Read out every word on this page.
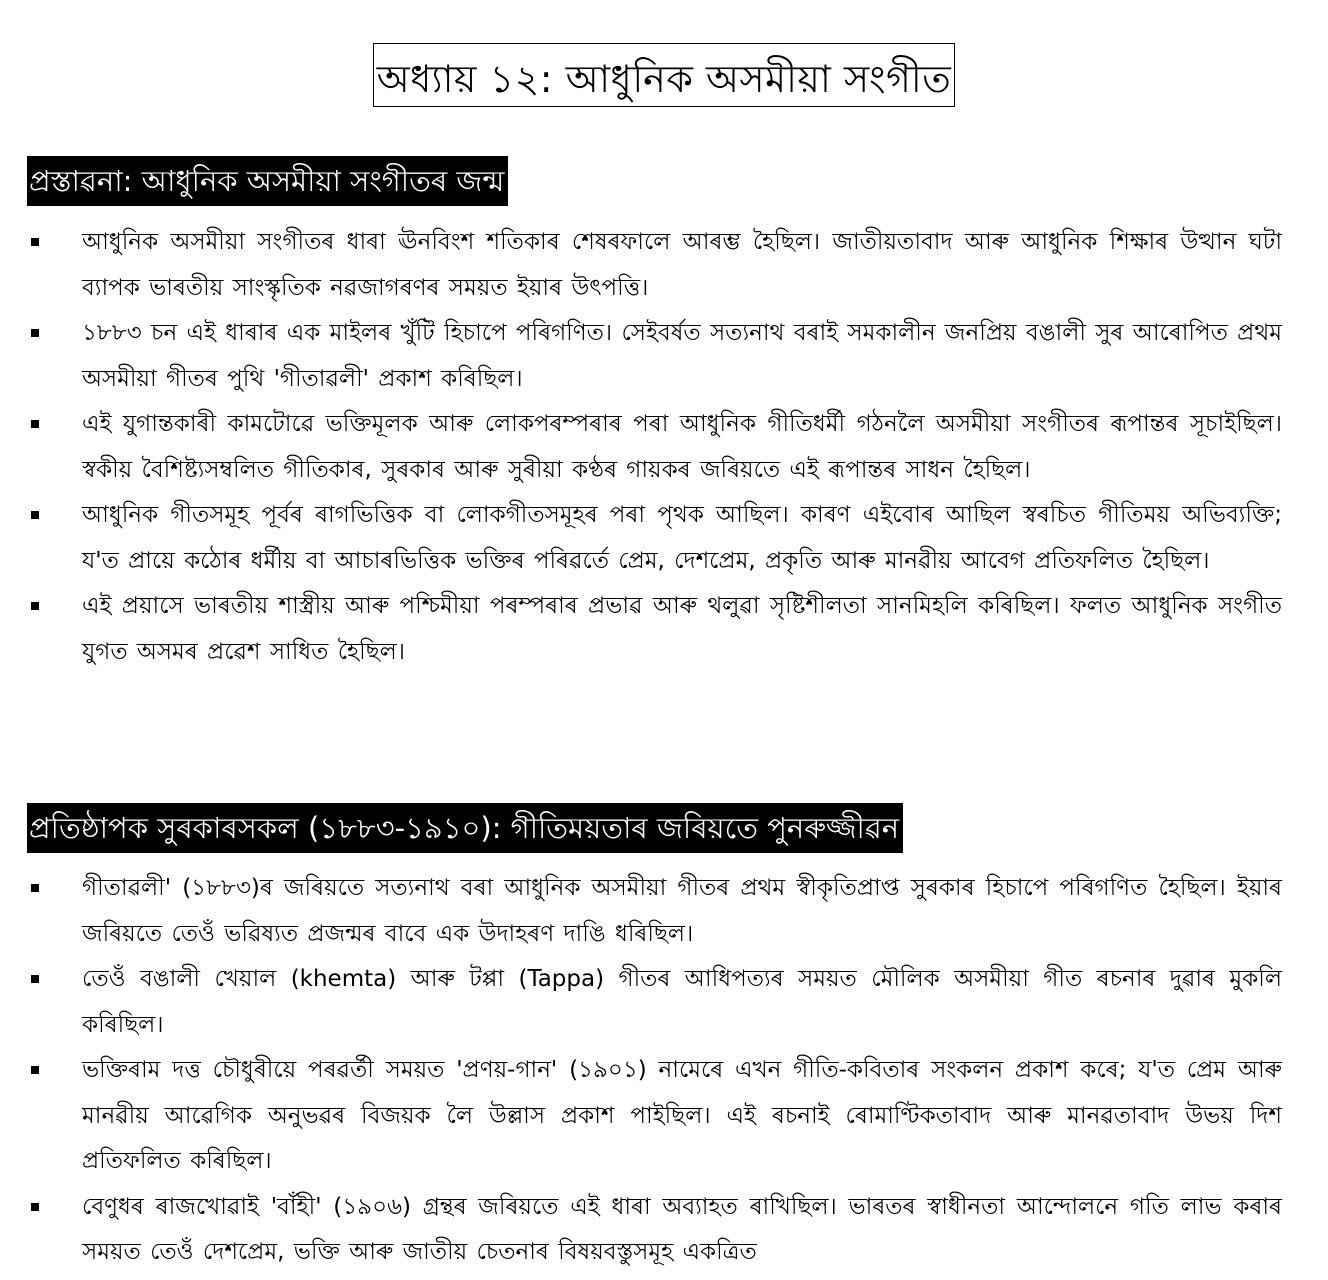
অধ্যায় ১২: আধুনিক অসমীয়া সংগীত
প্ৰস্তাৱনা: আধুনিক অসমীয়া সংগীতৰ জন্ম
আধুনিক অসমীয়া সংগীতৰ ধাৰা ঊনবিংশ শতিকাৰ শেষৰফালে আৰম্ভ হৈছিল। জাতীয়তাবাদ আৰু আধুনিক শিক্ষাৰ উত্থান ঘটা ব্যাপক ভাৰতীয় সাংস্কৃতিক নৱজাগৰণৰ সময়ত ইয়াৰ উৎপত্তি।
১৮৮৩ চন এই ধাৰাৰ এক মাইলৰ খুঁটি হিচাপে পৰিগণিত। সেইবৰ্ষত সত্যনাথ বৰাই সমকালীন জনপ্ৰিয় বঙালী সুৰ আৰোপিত প্ৰথম অসমীয়া গীতৰ পুথি 'গীতাৱলী' প্ৰকাশ কৰিছিল।
এই যুগান্তকাৰী কামটোৱে ভক্তিমূলক আৰু লোকপৰম্পৰাৰ পৰা আধুনিক গীতিধৰ্মী গঠনলৈ অসমীয়া সংগীতৰ ৰূপান্তৰ সূচাইছিল। স্বকীয় বৈশিষ্ট্যসম্বলিত গীতিকাৰ, সুৰকাৰ আৰু সুৰীয়া কণ্ঠৰ গায়কৰ জৰিয়তে এই ৰূপান্তৰ সাধন হৈছিল।
আধুনিক গীতসমূহ পূৰ্বৰ ৰাগভিত্তিক বা লোকগীতসমূহৰ পৰা পৃথক আছিল। কাৰণ এইবোৰ আছিল স্বৰচিত গীতিময় অভিব্যক্তি; য'ত প্ৰায়ে কঠোৰ ধৰ্মীয় বা আচাৰভিত্তিক ভক্তিৰ পৰিৱৰ্তে প্ৰেম, দেশপ্ৰেম, প্ৰকৃতি আৰু মানৱীয় আবেগ প্ৰতিফলিত হৈছিল।
এই প্ৰয়াসে ভাৰতীয় শাস্ত্ৰীয় আৰু পশ্চিমীয়া পৰম্পৰাৰ প্ৰভাৱ আৰু থলুৱা সৃষ্টিশীলতা সানমিহলি কৰিছিল। ফলত আধুনিক সংগীত যুগত অসমৰ প্ৰৱেশ সাধিত হৈছিল।
প্ৰতিষ্ঠাপক সুৰকাৰসকল (১৮৮৩-১৯১০): গীতিময়তাৰ জৰিয়তে পুনৰুজ্জীৱন
গীতাৱলী' (১৮৮৩)ৰ জৰিয়তে সত্যনাথ বৰা আধুনিক অসমীয়া গীতৰ প্ৰথম স্বীকৃতিপ্ৰাপ্ত সুৰকাৰ হিচাপে পৰিগণিত হৈছিল। ইয়াৰ জৰিয়তে তেওঁ ভৱিষ্যত প্ৰজন্মৰ বাবে এক উদাহৰণ দাঙি ধৰিছিল।
তেওঁ বঙালী খেয়াল (khemta) আৰু টপ্পা (Tappa) গীতৰ আধিপত্যৰ সময়ত মৌলিক অসমীয়া গীত ৰচনাৰ দুৱাৰ মুকলি কৰিছিল।
ভক্তিৰাম দত্ত চৌধুৰীয়ে পৰৱৰ্তী সময়ত 'প্ৰণয়-গান' (১৯০১) নামেৰে এখন গীতি-কবিতাৰ সংকলন প্ৰকাশ কৰে; য'ত প্ৰেম আৰু মানৱীয় আৱেগিক অনুভৱৰ বিজয়ক লৈ উল্লাস প্ৰকাশ পাইছিল। এই ৰচনাই ৰোমাণ্টিকতাবাদ আৰু মানৱতাবাদ উভয় দিশ প্ৰতিফলিত কৰিছিল।
বেণুধৰ ৰাজখোৱাই 'বাঁহী' (১৯০৬) গ্ৰন্থৰ জৰিয়তে এই ধাৰা অব্যাহত ৰাখিছিল। ভাৰতৰ স্বাধীনতা আন্দোলনে গতি লাভ কৰাৰ সময়ত তেওঁ দেশপ্ৰেম, ভক্তি আৰু জাতীয় চেতনাৰ বিষয়বস্তুসমূহ একত্ৰিত
